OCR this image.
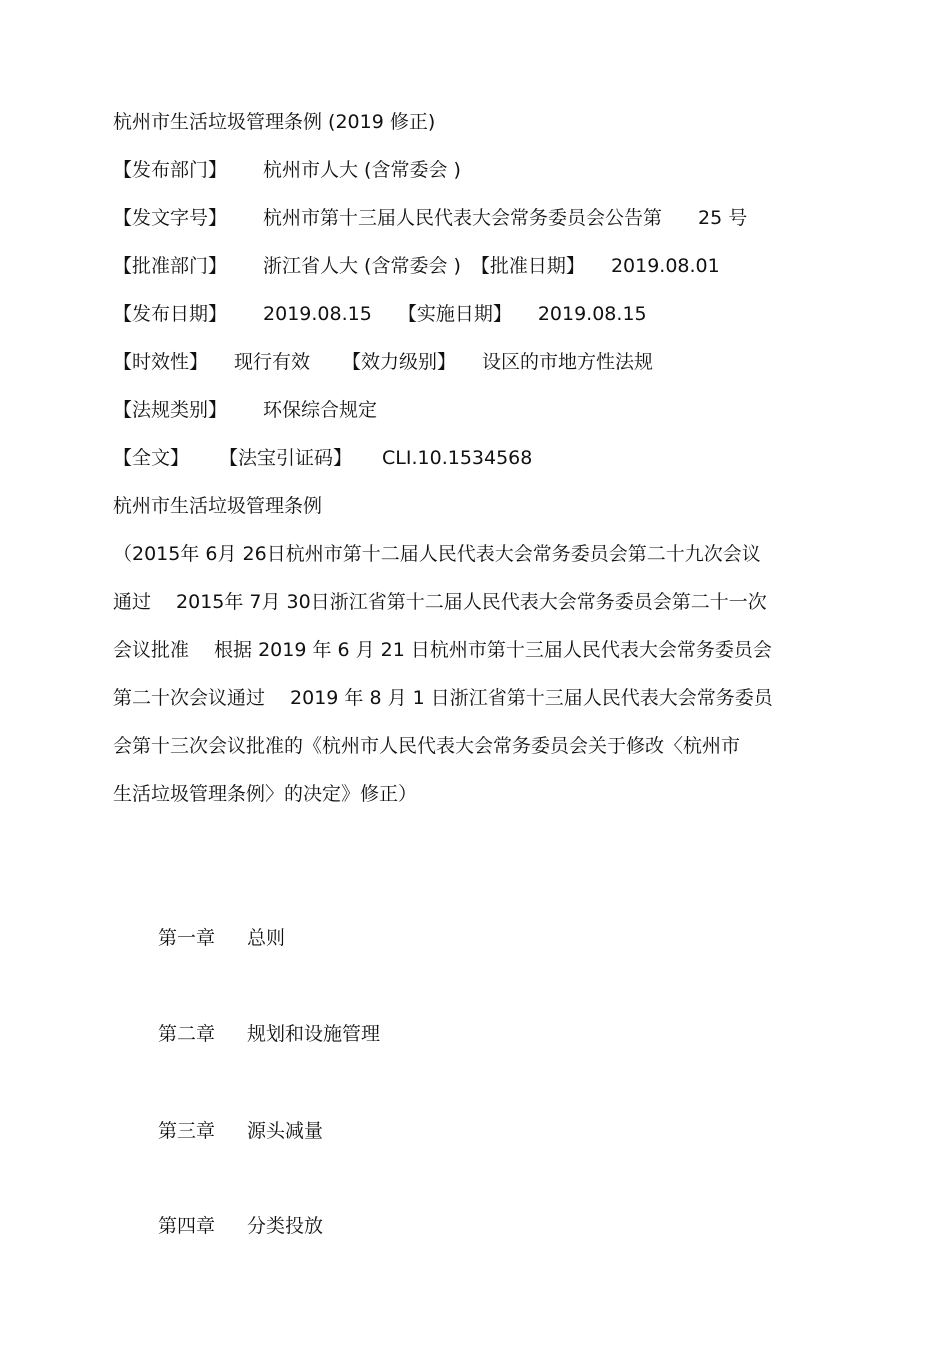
杭州市生活垃圾管理条例 (2019 修正)
【发布部门】 杭州市人大 (含常委会 )
【发文字号】 杭州市第十三届人民代表大会常务委员会公告第 25 号
【批准部门】 浙江省人大 (含常委会 ) 【批准日期】 2019.08.01
【发布日期】 2019.08.15 【实施日期】 2019.08.15
【时效性】 现行有效 【效力级别】 设区的市地方性法规
【法规类别】 环保综合规定
【全文】 【法宝引证码】 CLI.10.1534568
杭州市生活垃圾管理条例
（2015年 6月 26日杭州市第十二届人民代表大会常务委员会第二十九次会议
通过　 2015年 7月 30日浙江省第十二届人民代表大会常务委员会第二十一次
会议批准　 根据 2019 年 6 月 21 日杭州市第十三届人民代表大会常务委员会
第二十次会议通过　 2019 年 8 月 1 日浙江省第十三届人民代表大会常务委员
会第十三次会议批准的《杭州市人民代表大会常务委员会关于修改〈杭州市
生活垃圾管理条例〉的决定》修正）
第一章 总则
第二章 规划和设施管理
第三章 源头减量
第四章 分类投放
